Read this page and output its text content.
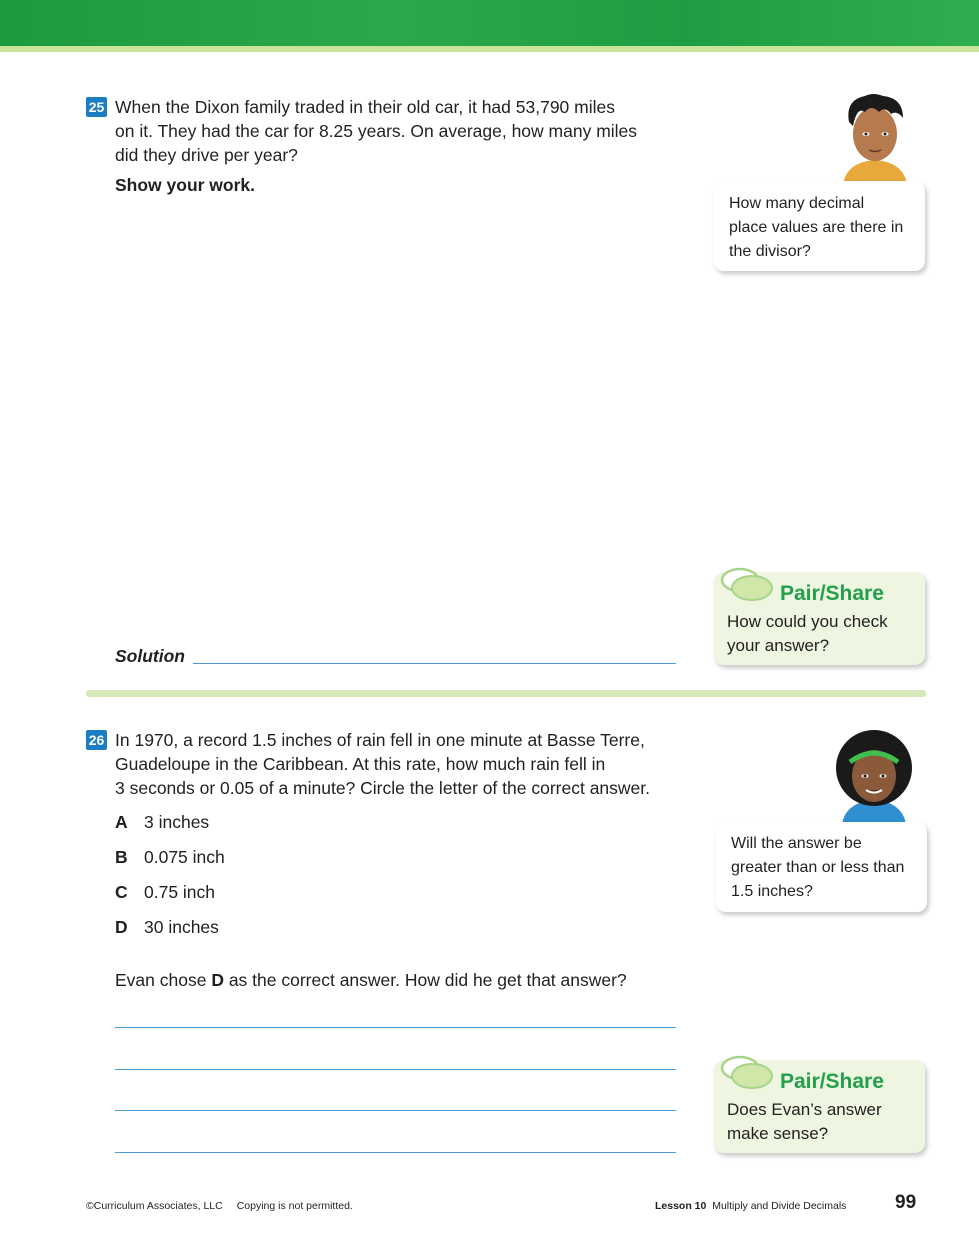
25 When the Dixon family traded in their old car, it had 53,790 miles
on it. They had the car for 8.25 years. On average, how many miles
did they drive per year?
Show your work.

How many decimal

place values are there in

the divisor?

Pair/Share
How could you check
your answer?
Solution
26 In 1970, a record 1.5 inches of rain fell in one minute at Basse Terre,
Guadeloupe in the Caribbean. At this rate, how much rain fell in
3 seconds or 0.05 of a minute? Circle the letter of the correct answer.
A 3 inches
B 0.075 inch
C 0.75 inch
D 30 inches
Evan chose D as the correct answer. How did he get that answer?

Will the answer be

greater than or less than

1.5 inches?

Pair/Share
Does Evan’s answer
make sense?
©Curriculum Associates, LLC Copying is not permitted.	Lesson 10 Multiply and Divide Decimals	99
